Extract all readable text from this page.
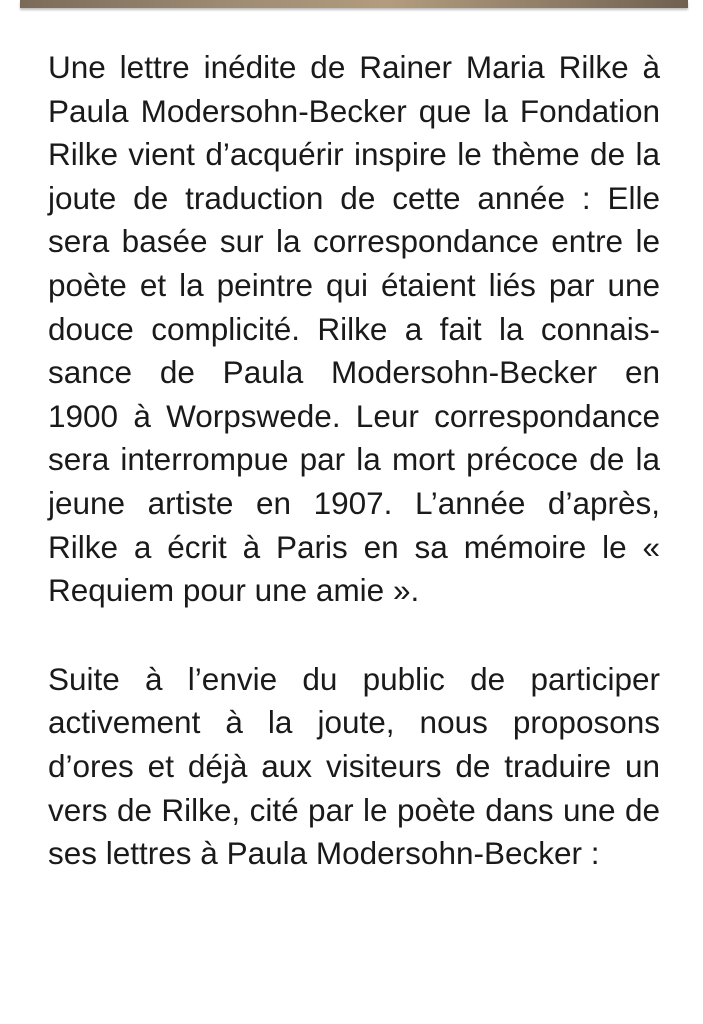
Une lettre inédite de Rainer Maria Rilke à Paula Modersohn-Becker que la Fondation Rilke vient d’acquérir inspire le thème de la joute de traduction de cette année : Elle sera basée sur la correspondance entre le poète et la peintre qui étaient liés par une douce complicité. Rilke a fait la connaissance de Paula Modersohn-Becker en 1900 à Worpswede. Leur correspondance sera interrompue par la mort précoce de la jeune artiste en 1907. L’année d’après, Rilke a écrit à Paris en sa mémoire le « Requiem pour une amie ».

Suite à l’envie du public de participer activement à la joute, nous proposons d’ores et déjà aux visiteurs de traduire un vers de Rilke, cité par le poète dans une de ses lettres à Paula Modersohn-Becker :
